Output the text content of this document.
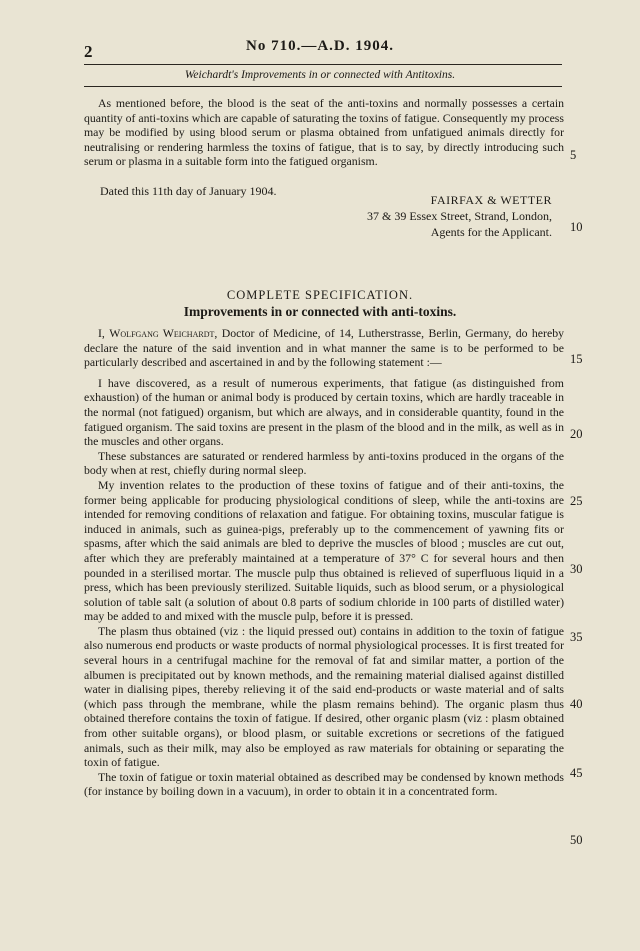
2	No 710.—A.D. 1904.
Weichardt's Improvements in or connected with Antitoxins.

As mentioned before, the blood is the seat of the anti-toxins and normally possesses a certain quantity of anti-toxins which are capable of saturating the toxins of fatigue. Consequently my process may be modified by using blood serum or plasma obtained from unfatigued animals directly for neutralising or rendering harmless the toxins of fatigue, that is to say, by directly introducing such serum or plasma in a suitable form into the fatigued organism.

Dated this 11th day of January 1904.
FAIRFAX & WETTER
37 & 39 Essex Street, Strand, London,
Agents for the Applicant.
COMPLETE SPECIFICATION.
Improvements in or connected with anti-toxins.

I, Wolfgang Weichardt, Doctor of Medicine, of 14, Lutherstrasse, Berlin, Germany, do hereby declare the nature of the said invention and in what manner the same is to be performed to be particularly described and ascertained in and by the following statement :—

I have discovered, as a result of numerous experiments, that fatigue (as distinguished from exhaustion) of the human or animal body is produced by certain toxins, which are hardly traceable in the normal (not fatigued) organism, but which are always, and in considerable quantity, found in the fatigued organism. The said toxins are present in the plasm of the blood and in the milk, as well as in the muscles and other organs.

These substances are saturated or rendered harmless by anti-toxins produced in the organs of the body when at rest, chiefly during normal sleep.

My invention relates to the production of these toxins of fatigue and of their anti-toxins, the former being applicable for producing physiological conditions of sleep, while the anti-toxins are intended for removing conditions of relaxation and fatigue. For obtaining toxins, muscular fatigue is induced in animals, such as guinea-pigs, preferably up to the commencement of yawning fits or spasms, after which the said animals are bled to deprive the muscles of blood ; muscles are cut out, after which they are preferably maintained at a temperature of 37° C for several hours and then pounded in a sterilised mortar. The muscle pulp thus obtained is relieved of superfluous liquid in a press, which has been previously sterilized. Suitable liquids, such as blood serum, or a physiological solution of table salt (a solution of about 0.8 parts of sodium chloride in 100 parts of distilled water) may be added to and mixed with the muscle pulp, before it is pressed.

The plasm thus obtained (viz : the liquid pressed out) contains in addition to the toxin of fatigue also numerous end products or waste products of normal physiological processes. It is first treated for several hours in a centrifugal machine for the removal of fat and similar matter, a portion of the albumen is precipitated out by known methods, and the remaining material dialised against distilled water in dialising pipes, thereby relieving it of the said end-products or waste material and of salts (which pass through the membrane, while the plasm remains behind). The organic plasm thus obtained therefore contains the toxin of fatigue. If desired, other organic plasm (viz : plasm obtained from other suitable organs), or blood plasm, or suitable excretions or secretions of the fatigued animals, such as their milk, may also be employed as raw materials for obtaining or separating the toxin of fatigue.

The toxin of fatigue or toxin material obtained as described may be condensed by known methods (for instance by boiling down in a vacuum), in order to obtain it in a concentrated form.

5
10
15
20
25
30
35
40
45
50
